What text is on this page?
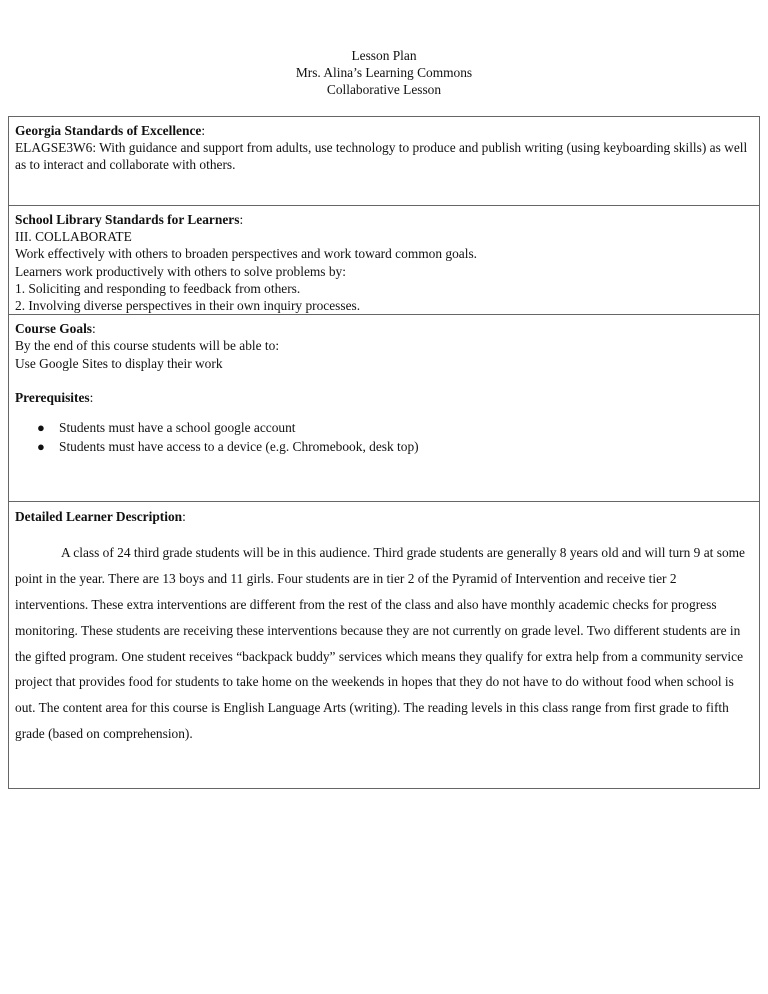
Lesson Plan
Mrs. Alina’s Learning Commons
Collaborative Lesson
Georgia Standards of Excellence:
ELAGSE3W6: With guidance and support from adults, use technology to produce and publish writing (using keyboarding skills) as well as to interact and collaborate with others.

School Library Standards for Learners:
III. COLLABORATE
Work effectively with others to broaden perspectives and work toward common goals.
Learners work productively with others to solve problems by:
1. Soliciting and responding to feedback from others.
2. Involving diverse perspectives in their own inquiry processes.

Course Goals:
By the end of this course students will be able to:
Use Google Sites to display their work
Prerequisites:
● Students must have a school google account
● Students must have access to a device (e.g. Chromebook, desk top)

Detailed Learner Description:
A class of 24 third grade students will be in this audience. Third grade students are generally 8 years old and will turn 9 at some point in the year. There are 13 boys and 11 girls. Four students are in tier 2 of the Pyramid of Intervention and receive tier 2 interventions. These extra interventions are different from the rest of the class and also have monthly academic checks for progress monitoring. These students are receiving these interventions because they are not currently on grade level. Two different students are in the gifted program. One student receives “backpack buddy” services which means they qualify for extra help from a community service project that provides food for students to take home on the weekends in hopes that they do not have to do without food when school is out. The content area for this course is English Language Arts (writing). The reading levels in this class range from first grade to fifth grade (based on comprehension).
